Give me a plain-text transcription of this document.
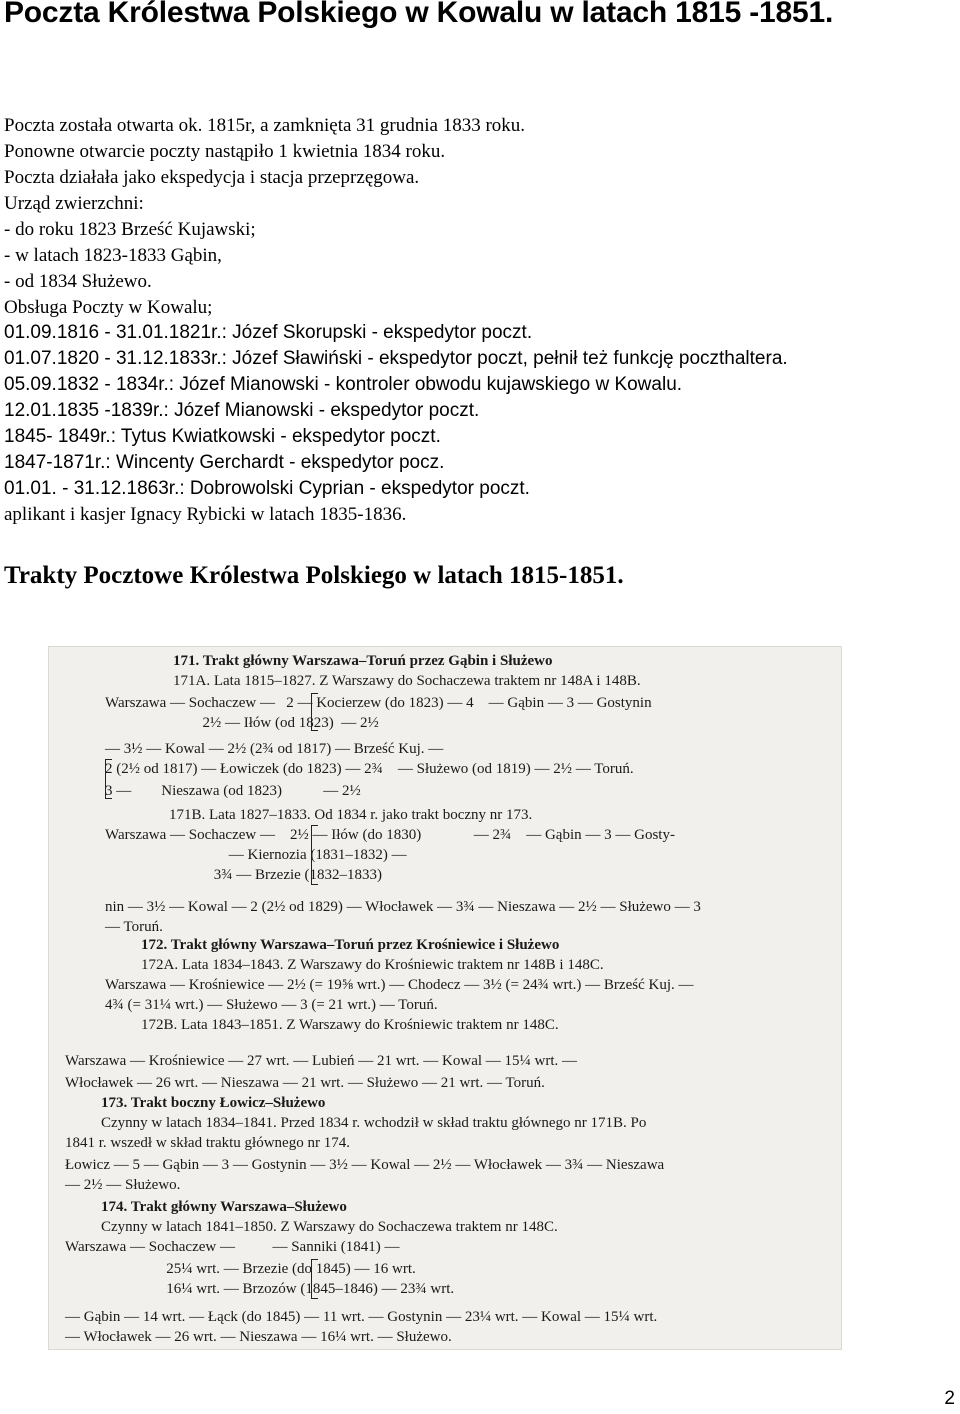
Poczta Królestwa Polskiego w Kowalu w latach 1815 -1851.
Poczta została otwarta ok. 1815r, a zamknięta 31 grudnia 1833 roku.
Ponowne otwarcie poczty nastąpiło 1 kwietnia 1834 roku.
Poczta działała jako ekspedycja i stacja przeprzęgowa.
Urząd zwierzchni:
- do roku 1823 Brześć Kujawski;
- w latach 1823-1833 Gąbin,
- od 1834 Służewo.
Obsługa Poczty w Kowalu;
01.09.1816 - 31.01.1821r.: Józef Skorupski - ekspedytor poczt.
01.07.1820 - 31.12.1833r.: Józef Sławiński - ekspedytor poczt, pełnił też funkcję poczthaltera.
05.09.1832 - 1834r.: Józef Mianowski - kontroler obwodu kujawskiego w Kowalu.
12.01.1835 -1839r.: Józef Mianowski - ekspedytor poczt.
1845- 1849r.: Tytus Kwiatkowski - ekspedytor poczt.
1847-1871r.: Wincenty Gerchardt - ekspedytor pocz.
01.01. - 31.12.1863r.: Dobrowolski Cyprian - ekspedytor poczt.
aplikant i kasjer Ignacy Rybicki w latach 1835-1836.
Trakty Pocztowe Królestwa Polskiego w latach 1815-1851.
171. Trakt główny Warszawa–Toruń przez Gąbin i Służewo
171A. Lata 1815–1827. Z Warszawy do Sochaczewa traktem nr 148A i 148B.
Warszawa — Sochaczew —   2 — Kocierzew (do 1823) — 4    — Gąbin — 3 — Gostynin
2½ — Iłów (od 1823)  — 2½
— 3½ — Kowal — 2½ (2¾ od 1817) — Brześć Kuj. —
2 (2½ od 1817) — Łowiczek (do 1823) — 2¾    — Służewo (od 1819) — 2½ — Toruń.
3 —        Nieszawa (od 1823)           — 2½
171B. Lata 1827–1833. Od 1834 r. jako trakt boczny nr 173.
Warszawa — Sochaczew —    2½ — Iłów (do 1830)              — 2¾    — Gąbin — 3 — Gosty-
— Kiernozia (1831–1832) —
3¾ — Brzezie (1832–1833)
nin — 3½ — Kowal — 2 (2½ od 1829) — Włocławek — 3¾ — Nieszawa — 2½ — Służewo — 3
— Toruń.
172. Trakt główny Warszawa–Toruń przez Krośniewice i Służewo
172A. Lata 1834–1843. Z Warszawy do Krośniewic traktem nr 148B i 148C.
Warszawa — Krośniewice — 2½ (= 19⅝ wrt.) — Chodecz — 3½ (= 24¾ wrt.) — Brześć Kuj. —
4¾ (= 31¼ wrt.) — Służewo — 3 (= 21 wrt.) — Toruń.
172B. Lata 1843–1851. Z Warszawy do Krośniewic traktem nr 148C.
Warszawa — Krośniewice — 27 wrt. — Lubień — 21 wrt. — Kowal — 15¼ wrt. —
Włocławek — 26 wrt. — Nieszawa — 21 wrt. — Służewo — 21 wrt. — Toruń.
173. Trakt boczny Łowicz–Służewo
Czynny w latach 1834–1841. Przed 1834 r. wchodził w skład traktu głównego nr 171B. Po
1841 r. wszedł w skład traktu głównego nr 174.
Łowicz — 5 — Gąbin — 3 — Gostynin — 3½ — Kowal — 2½ — Włocławek — 3¾ — Nieszawa
— 2½ — Służewo.
174. Trakt główny Warszawa–Służewo
Czynny w latach 1841–1850. Z Warszawy do Sochaczewa traktem nr 148C.
Warszawa — Sochaczew —          — Sanniki (1841) —
25¼ wrt. — Brzezie (do 1845) — 16 wrt.
16¼ wrt. — Brzozów (1845–1846) — 23¾ wrt.
— Gąbin — 14 wrt. — Łąck (do 1845) — 11 wrt. — Gostynin — 23¼ wrt. — Kowal — 15¼ wrt.
— Włocławek — 26 wrt. — Nieszawa — 16¼ wrt. — Służewo.
2
